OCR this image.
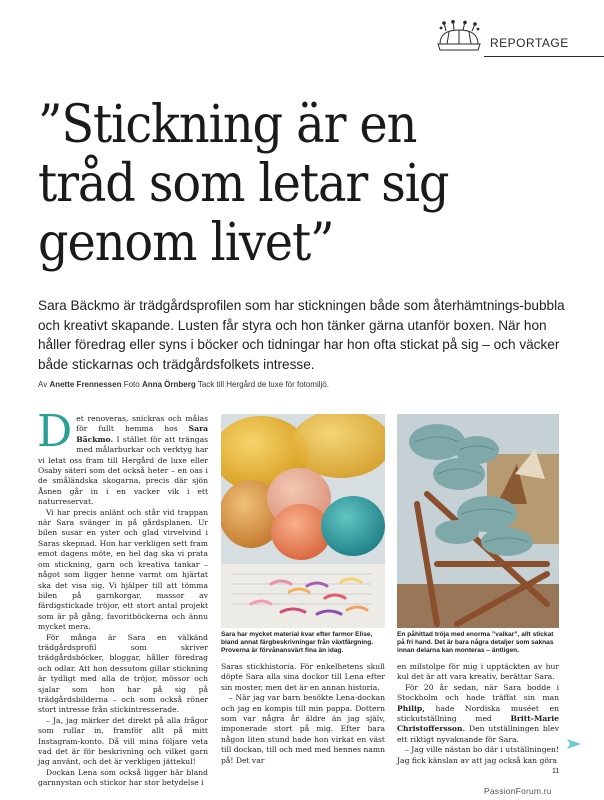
REPORTAGE
”Stickning är en
tråd som letar sig
genom livet”

Sara Bäckmo är trädgårdsprofilen som har stickningen både som återhämtnings-bubbla och kreativt skapande. Lusten får styra och hon tänker gärna utanför boxen. När hon håller föredrag eller syns i böcker och tidningar har hon ofta stickat på sig – och väcker både stickarnas och trädgårdsfolkets intresse.

Av Anette Frennessen Foto Anna Örnberg Tack till Hergård de luxe för fotomiljö.

Det renoveras, snickras och målas för fullt hemma hos Sara Bäckmo. I stället för att trängas med målarburkar och verktyg har vi letat oss fram till Hergård de luxe eller Osaby säteri som det också heter – en oas i de småländska skogarna, precis där sjön Åsnen går in i en vacker vik i ett naturreservat.

Vi har precis anlänt och står vid trappan när Sara svänger in på gårdsplanen. Ur bilen susar en yster och glad virvelvind i Saras skepnad. Hon har verkligen sett fram emot dagens möte, en hel dag ska vi prata om stickning, garn och kreativa tankar – något som ligger henne varmt om hjärtat ska det visa sig. Vi hjälper till att tömma bilen på garnkorgar, massor av färdigstickade tröjor, ett stort antal projekt som är på gång, favoritböckerna och ännu mycket mera.

För många är Sara en välkänd trädgårdsprofil som skriver trädgårdsböcker, bloggar, håller föredrag och odlar. Att hon dessutom gillar stickning är tydligt med alla de tröjor, mössor och sjalar som hon har på sig på trädgårdsbilderna – och som också röner stort intresse från stickintresserade.

– Ja, jag märker det direkt på alla frågor som rullar in, framför allt på mitt Instagram-konto. Då vill mina följare veta vad det är för beskrivning och vilket garn jag använt, och det är verkligen jättekul!

Dockan Lena som också ligger här bland garnnystan och stickor har stor betydelse i

Sara har mycket material kvar efter farmor Elise, bland annat färgbeskrivningar från växtfärgning. Proverna är förvånansvärt fina än idag.

En påhittad tröja med enorma ”valkar”, allt stickat på fri hand. Det är bara några detaljer som saknas innan delarna kan monteras – äntligen.

Saras stickhistoria. För enkelhetens skull döpte Sara alla sina dockor till Lena efter sin moster, men det är en annan historia.

– När jag var barn besökte Lena-dockan och jag en kompis till min pappa. Dottern som var några år äldre än jag själv, imponerade stort på mig. Efter bara någon liten stund hade hon virkat en väst till dockan, till och med med hennes namn på! Det var

en milstolpe för mig i upptäckten av hur kul det är att vara kreativ, berättar Sara.

För 20 år sedan, när Sara bodde i Stockholm och hade träffat sin man Philip, hade Nordiska muséet en stickutställning med Britt-Marie Christoffersson. Den utställningen blev ett riktigt nyvaknande för Sara.

– Jag ville nästan bo där i utställningen! Jag fick känslan av att jag också kan göra

11
PassionForum.ru
